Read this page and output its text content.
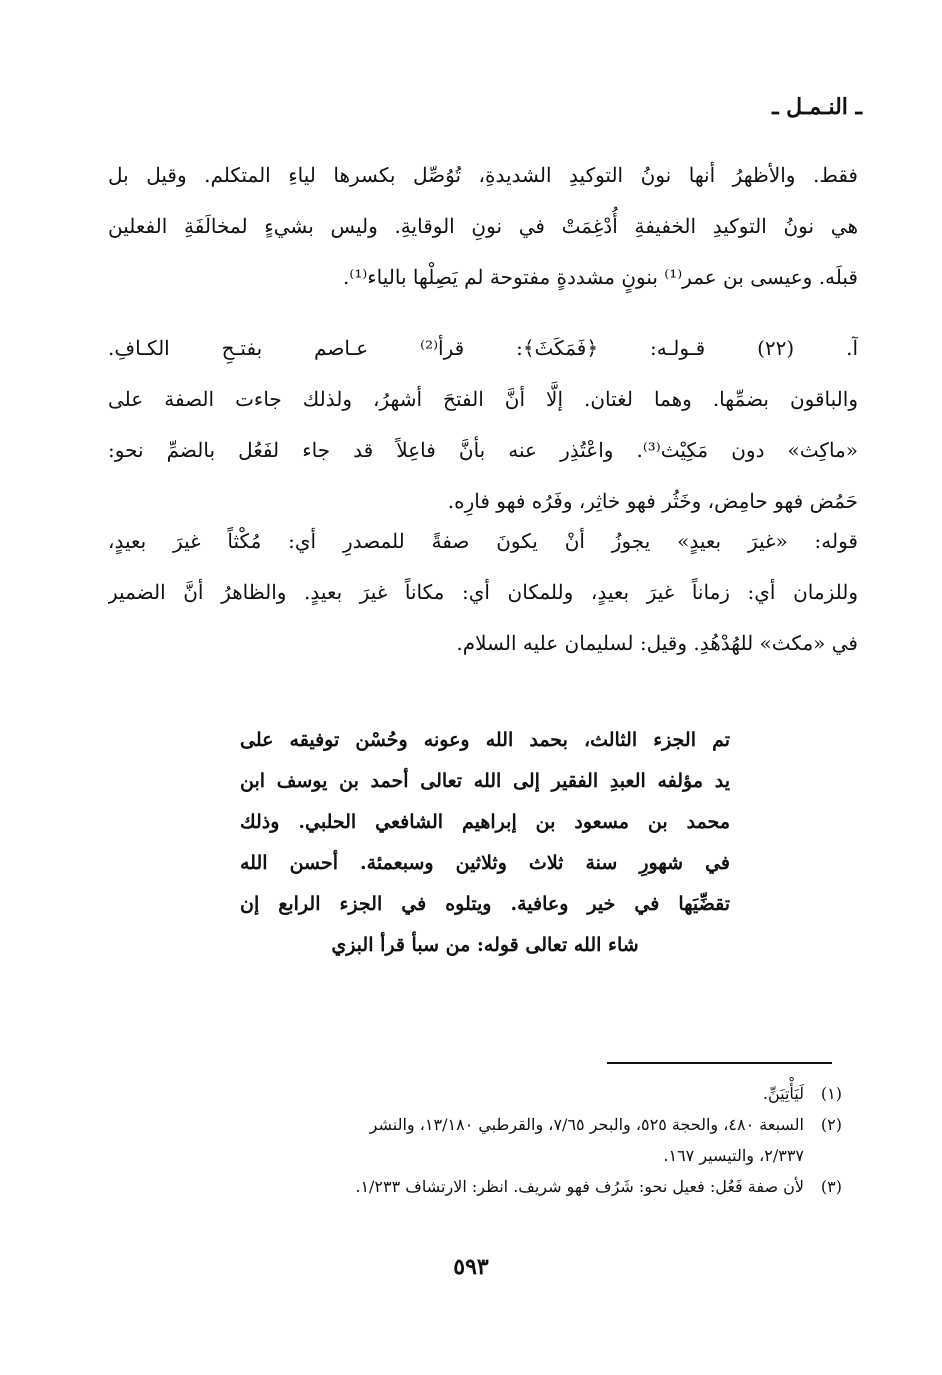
ـ النـمـل ـ
فقط. والأظهرُ أنها نونُ التوكيدِ الشديدةِ، تُوُصِّل بكسرها لياءِ المتكلم. وقيل بل
هي نونُ التوكيدِ الخفيفةِ أُدْغِمَتْ في نونِ الوقايةِ. وليس بشيءٍ لمخالَفَةِ الفعلين
قبلَه. وعيسى بن عمر⁽¹⁾ بنونٍ مشددةٍ مفتوحة لم يَصِلْها بالياء⁽¹⁾.
آ. (٢٢) قـولـه: ﴿فَمَكَثَ﴾: قرأ⁽²⁾ عـاصم بفتـحِ الكـافِ.
والباقون بضمِّها. وهما لغتان. إلَّا أنَّ الفتحَ أشهرُ، ولذلك جاءت الصفة على
«ماكِث» دون مَكِيْث⁽³⁾. واعْتُذِر عنه بأنَّ فاعِلاً قد جاء لفَعُل بالضمِّ نحو:
حَمُض فهو حامِض، وخَثُر فهو خاثِر، وفَرُه فهو فارِه.
قوله: «غيرَ بعيدٍ» يجوزُ أنْ يكونَ صفةً للمصدرِ أي: مُكْثاً غيرَ بعيدٍ،
وللزمان أي: زماناً غيرَ بعيدٍ، وللمكان أي: مكاناً غيرَ بعيدٍ. والظاهرُ أنَّ الضمير
في «مكث» للهُدْهُدِ. وقيل: لسليمان عليه السلام.
تم الجزء الثالث، بحمد الله وعونه وحُسْن توفيقه على
يد مؤلفه العبدِ الفقير إلى الله تعالى أحمد بن يوسف ابن
محمد بن مسعود بن إبراهيم الشافعي الحلبي. وذلك
في شهورِ سنة ثلاث وثلاثين وسبعمئة. أحسن الله
تقضِّيَها في خير وعافية. ويتلوه في الجزء الرابع إن
شاء الله تعالى قوله: من سبأ قرأ البزي
(١)
لَيَأْتِيَنِّ.
(٢)
السبعة ٤٨٠، والحجة ٥٢٥، والبحر ٧/٦٥، والقرطبي ١٣/١٨٠، والنشر
٢/٣٣٧، والتيسير ١٦٧.
(٣)
لأن صفة فَعُل: فعيل نحو: شَرُف فهو شريف. انظر: الارتشاف ١/٢٣٣.
٥٩٣
